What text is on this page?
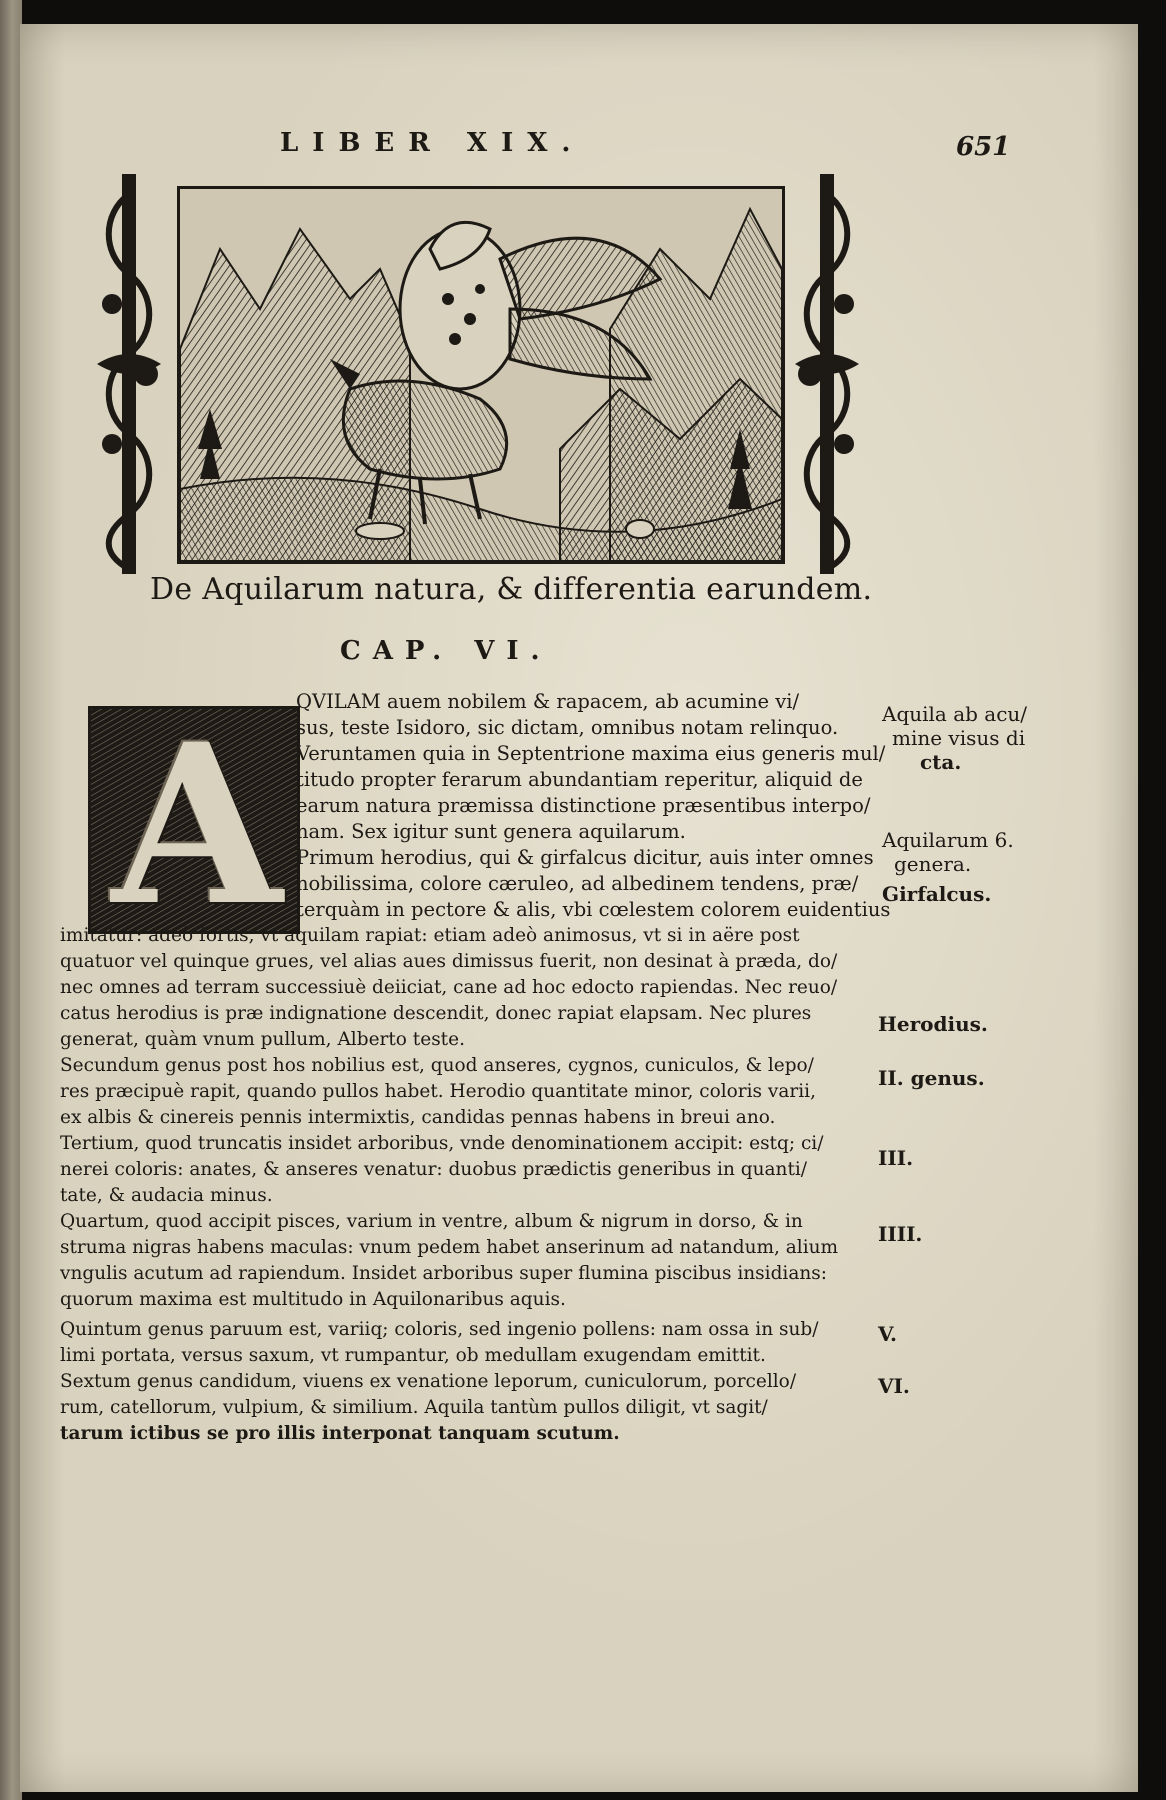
LIBER XIX.	651
De Aquilarum natura, & differentia earundem.
CAP. VI.
A QVILAM auem nobilem & rapacem, ab acumine vi/
sus, teste Isidoro, sic dictam, omnibus notam relinquo.
Veruntamen quia in Septentrione maxima eius generis mul/
titudo propter ferarum abundantiam reperitur, aliquid de
earum natura præmissa distinctione præsentibus interpo/
nam. Sex igitur sunt genera aquilarum.
Primum herodius, qui & girfalcus dicitur, auis inter omnes
nobilissima, colore cæruleo, ad albedinem tendens, præ/
terquàm in pectore & alis, vbi cœlestem colorem euidentius
imitatur: adeò fortis, vt aquilam rapiat: etiam adeò animosus, vt si in aëre post
quatuor vel quinque grues, vel alias aues dimissus fuerit, non desinat à præda, do/
nec omnes ad terram successiuè deiiciat, cane ad hoc edocto rapiendas. Nec reuo/
catus herodius is præ indignatione descendit, donec rapiat elapsam. Nec plures
generat, quàm vnum pullum, Alberto teste.
Secundum genus post hos nobilius est, quod anseres, cygnos, cuniculos, & lepo/
res præcipuè rapit, quando pullos habet. Herodio quantitate minor, coloris varii,
ex albis & cinereis pennis intermixtis, candidas pennas habens in breui ano.
Tertium, quod truncatis insidet arboribus, vnde denominationem accipit: estq; ci/
nerei coloris: anates, & anseres venatur: duobus prædictis generibus in quanti/
tate, & audacia minus.
Quartum, quod accipit pisces, varium in ventre, album & nigrum in dorso, & in
struma nigras habens maculas: vnum pedem habet anserinum ad natandum, alium
vngulis acutum ad rapiendum. Insidet arboribus super flumina piscibus insidians:
quorum maxima est multitudo in Aquilonaribus aquis.
Quintum genus paruum est, variiq; coloris, sed ingenio pollens: nam ossa in sub/
limi portata, versus saxum, vt rumpantur, ob medullam exugendam emittit.
Sextum genus candidum, viuens ex venatione leporum, cuniculorum, porcello/
rum, catellorum, vulpium, & similium. Aquila tantùm pullos diligit, vt sagit/
tarum ictibus se pro illis interponat tanquam scutum.
Aquila ab acu/
mine visus di
cta.
Aquilarum 6.
genera.
Girfalcus.
Herodius.
II. genus.
III.
IIII.
V.
VI.
